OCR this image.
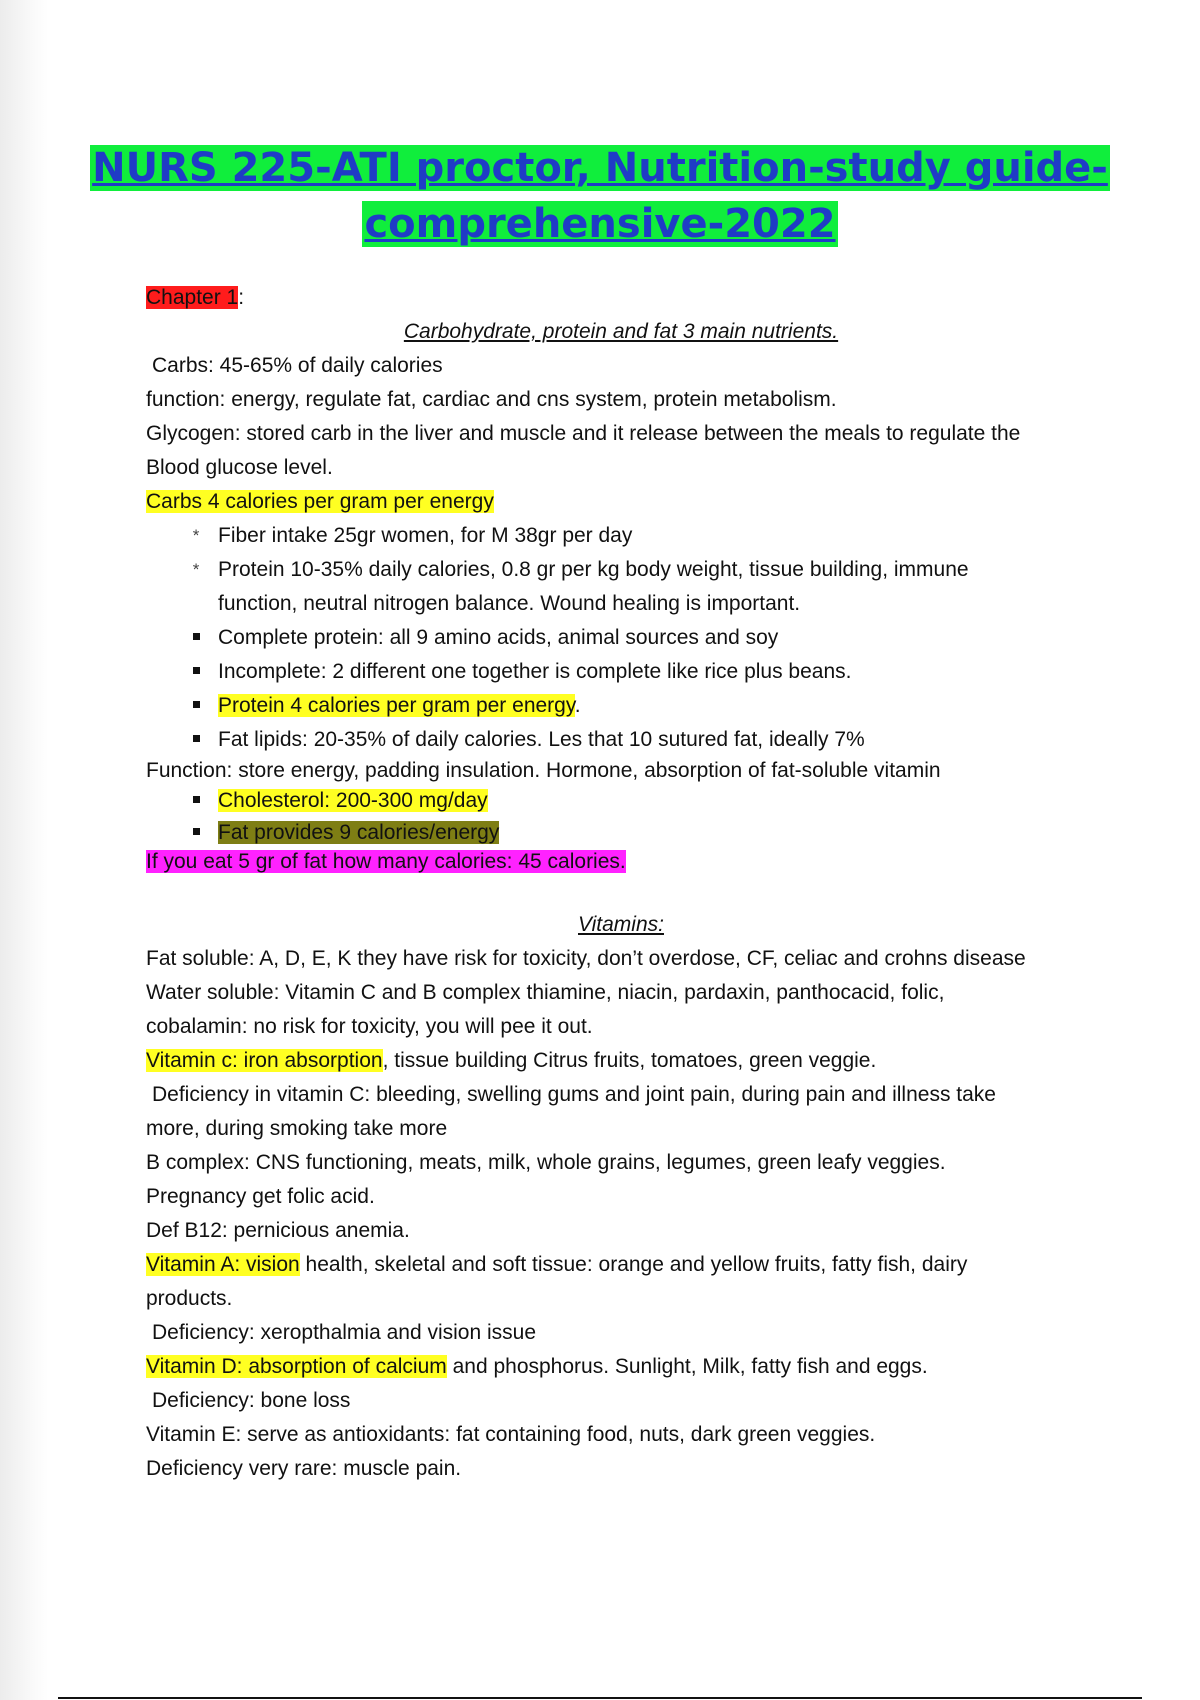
NURS 225-ATI proctor, Nutrition-study guide-
comprehensive-2022
Chapter 1:
Carbohydrate, protein and fat 3 main nutrients.
Carbs: 45-65% of daily calories
function: energy, regulate fat, cardiac and cns system, protein metabolism.
Glycogen: stored carb in the liver and muscle and it release between the meals to regulate the
Blood glucose level.
Carbs 4 calories per gram per energy
* Fiber intake 25gr women, for M 38gr per day
* Protein 10-35% daily calories, 0.8 gr per kg body weight, tissue building, immune
function, neutral nitrogen balance. Wound healing is important.
Complete protein: all 9 amino acids, animal sources and soy
Incomplete: 2 different one together is complete like rice plus beans.
Protein 4 calories per gram per energy.
Fat lipids: 20-35% of daily calories. Les that 10 sutured fat, ideally 7%
Function: store energy, padding insulation. Hormone, absorption of fat-soluble vitamin
Cholesterol: 200-300 mg/day
Fat provides 9 calories/energy
If you eat 5 gr of fat how many calories: 45 calories.
Vitamins:
Fat soluble: A, D, E, K they have risk for toxicity, don’t overdose, CF, celiac and crohns disease
Water soluble: Vitamin C and B complex thiamine, niacin, pardaxin, panthocacid, folic,
cobalamin: no risk for toxicity, you will pee it out.
Vitamin c: iron absorption, tissue building Citrus fruits, tomatoes, green veggie.
Deficiency in vitamin C: bleeding, swelling gums and joint pain, during pain and illness take
more, during smoking take more
B complex: CNS functioning, meats, milk, whole grains, legumes, green leafy veggies.
Pregnancy get folic acid.
Def B12: pernicious anemia.
Vitamin A: vision health, skeletal and soft tissue: orange and yellow fruits, fatty fish, dairy
products.
Deficiency: xeropthalmia and vision issue
Vitamin D: absorption of calcium and phosphorus. Sunlight, Milk, fatty fish and eggs.
Deficiency: bone loss
Vitamin E: serve as antioxidants: fat containing food, nuts, dark green veggies.
Deficiency very rare: muscle pain.
